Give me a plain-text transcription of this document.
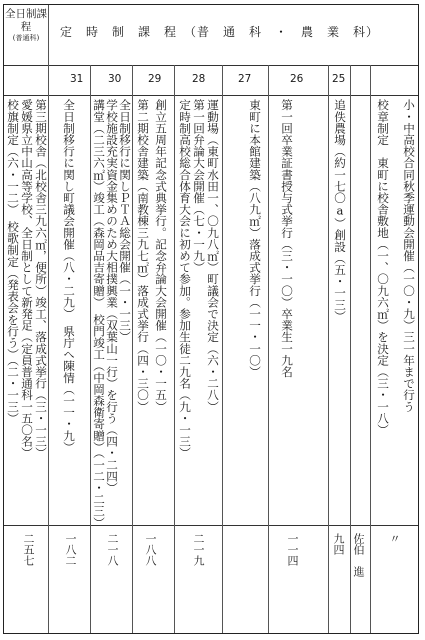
全日制課程
(普通科)	定　時　制　課　程　（普　通　科　・　農　業　科）
31
校旗制定（六・一二）　校歌制定（発表会を行う）（二・一三） 愛媛県立中山高等学校、全日制として新発足（定員普通科一五〇名） 第三期校舎（北校舎三九六㎡，便所）竣工、落成式挙行（三・一三）
二五七
30
全日制移行に関し町議会開催（八・二九）　県庁へ陳情（一一・九）
一八二
29
講堂（二三六㎡）竣工（森岡品吉寄贈）　校門竣工（中岡森衛寄贈）（一二・二三） 学校施設充実資金集めのため大相撲興業（双葉山一行）を行う（四・二四） 全日制移行に関しＰＴＡ総会開催（一・一三）
二一八
28
第二期校舎建築（南教棟三九七㎡）落成式挙行（四・三〇） 創立五周年記念式典挙行。記念弁論大会開催（一〇・一五）
一八八
27
定時制高校総合体育大会に初めて参加。参加生徒二九名（九・一三） 第一回弁論大会開催（七・一九） 運動場（東町水田一、〇九八㎡）町議会で決定（六・二八）
二一九
26
第一回卒業証書授与式挙行（三・一〇）卒業生一九名
東町に本館建築（八九㎡）落成式挙行（一一・一〇）
一一四
25
追佚農場（約一七〇a）創設（五・一三）
九四
小・中高校合同秋季運動会開催（一〇・九）三一年まで行う
校章制定　東町に校舎敷地（一、〇九六㎡）を決定（三・一八）
佐伯　進 〃
